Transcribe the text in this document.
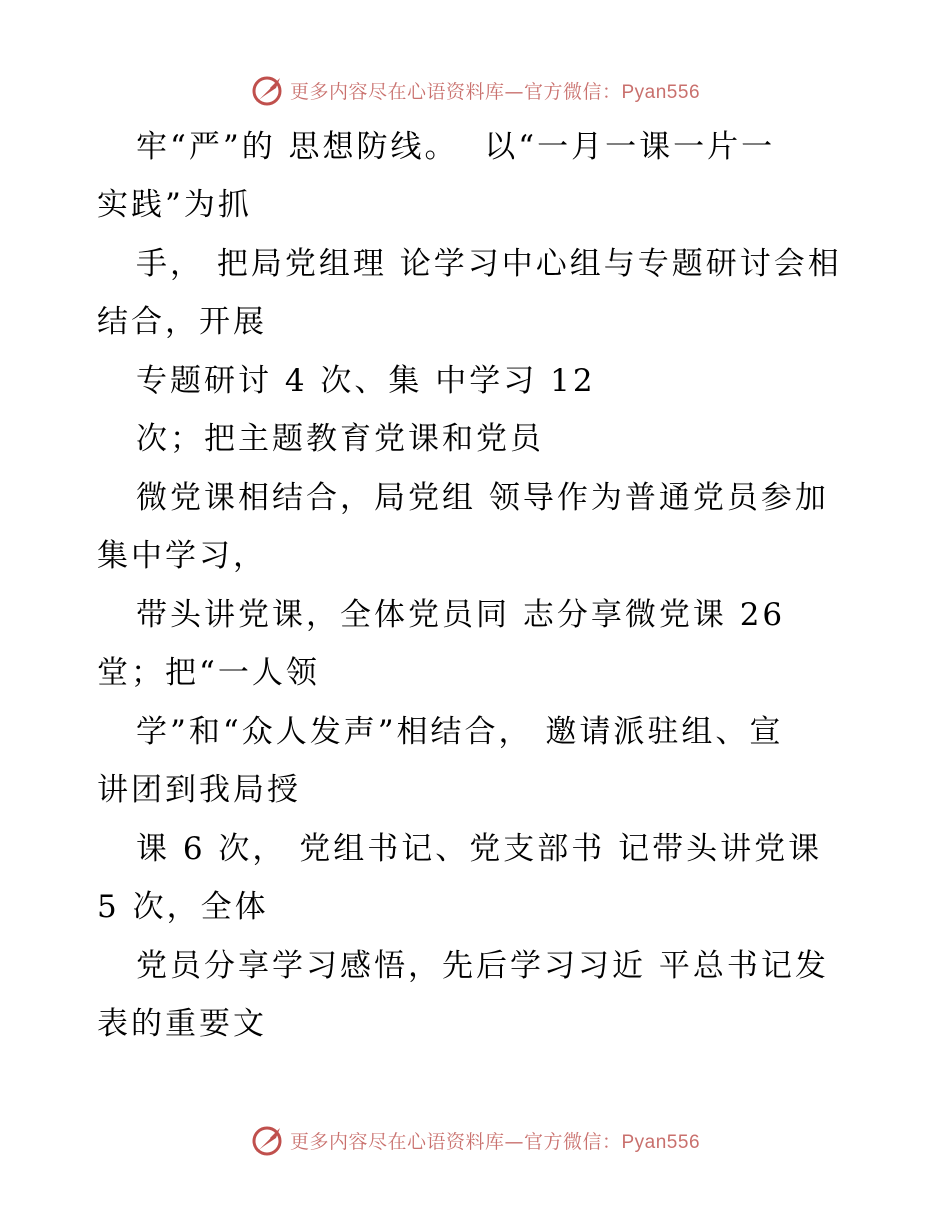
更多内容尽在心语资料库—官方微信：Pyan556
牢“严”的 思想防线。  以“一月一课一片一
实践”为抓
手， 把局党组理 论学习中心组与专题研讨会相
结合，开展
专题研讨 4 次、集 中学习 12
次；把主题教育党课和党员
微党课相结合，局党组 领导作为普通党员参加
集中学习，
带头讲党课，全体党员同 志分享微党课 26
堂；把“一人领
学”和“众人发声”相结合， 邀请派驻组、宣
讲团到我局授
课 6 次， 党组书记、党支部书 记带头讲党课
5 次，全体
党员分享学习感悟，先后学习习近 平总书记发
表的重要文
更多内容尽在心语资料库—官方微信：Pyan556
